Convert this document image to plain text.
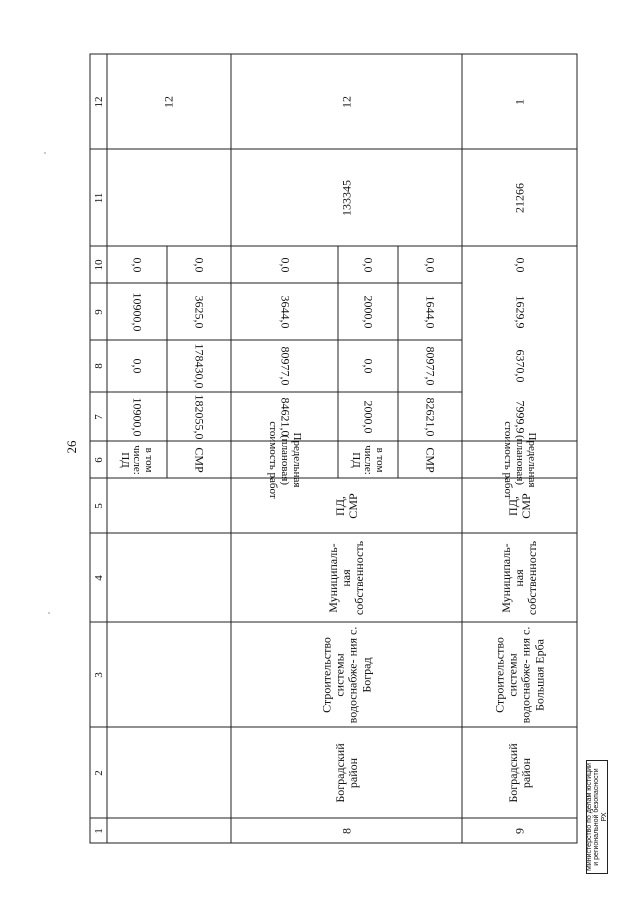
26
12
11
10
9
8
7
6
5
4
3
2
1
в том числе: ПД
10900,0
0,0
10900,0
0,0
СМР
182055,0
178430,0
3625,0
0,0
12
8
Боградский район
Строительство системы водоснабже- ния с. Боград
Муниципаль- ная собственность
ПД, СМР
Предельная (плановая) стоимость работ
84621,0
80977,0
3644,0
0,0
в том числе: ПД
2000,0
0,0
2000,0
0,0
СМР
82621,0
80977,0
1644,0
0,0
133345
12
9
Боградский район
Строительство системы водоснабже- ния с. Большая Ерба
Муниципаль- ная собственность
ПД, СМР
Предельная (плановая) стоимость работ
7999,9
6370,0
1629,9
0,0
21266
1
Министерство по делам юстиции и региональной безопасности РХ
